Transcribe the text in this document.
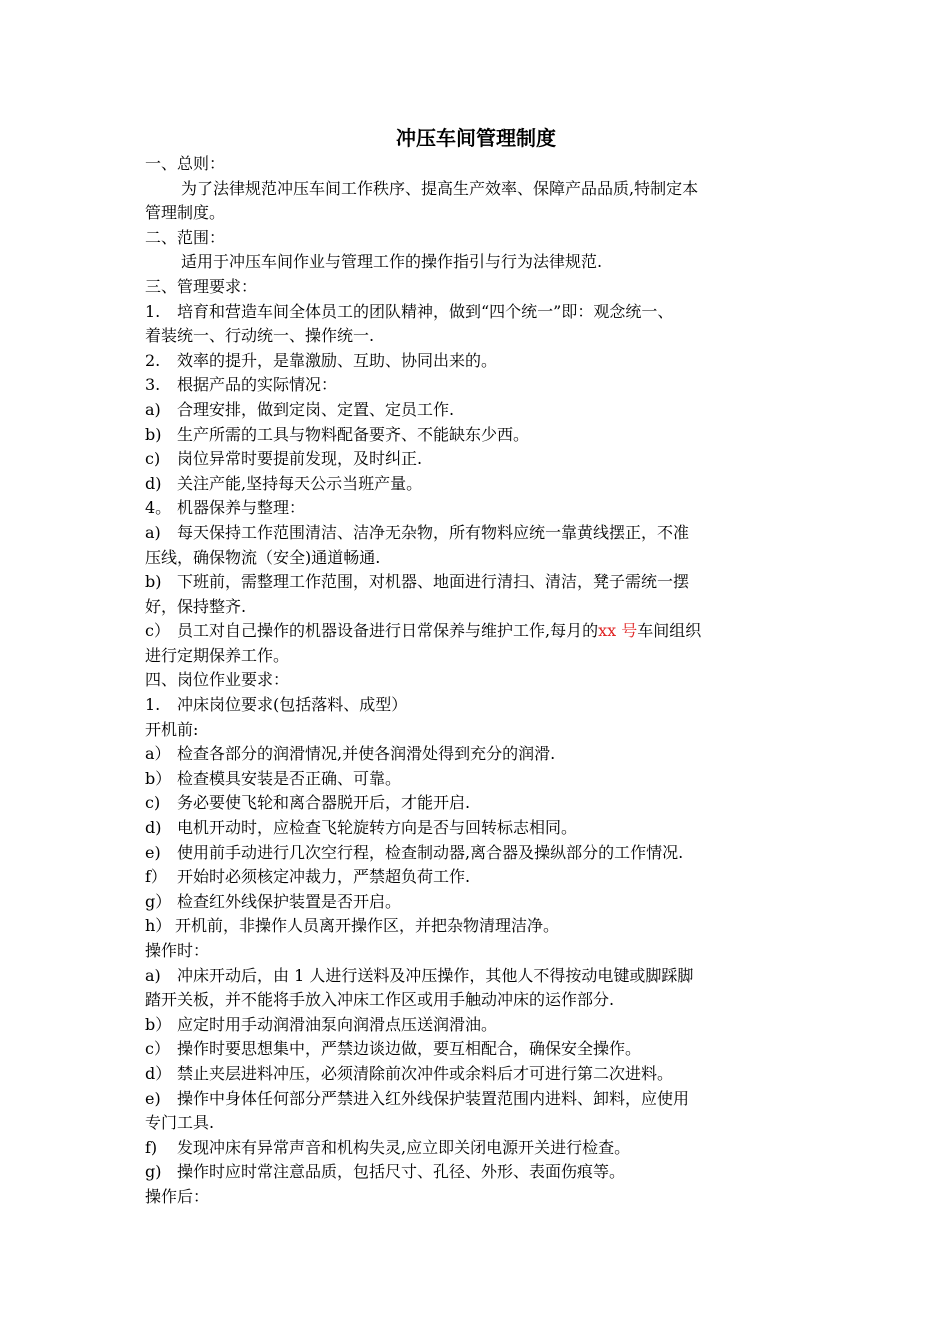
冲压车间管理制度

一、总则：

为了法律规范冲压车间工作秩序、提高生产效率、保障产品品质,特制定本

管理制度。

二、范围：

适用于冲压车间作业与管理工作的操作指引与行为法律规范.

三、管理要求：

1. 培育和营造车间全体员工的团队精神，做到“四个统一”即：观念统一、

着装统一、行动统一、操作统一.

2. 效率的提升，是靠激励、互助、协同出来的。

3. 根据产品的实际情况：

a) 合理安排，做到定岗、定置、定员工作.

b) 生产所需的工具与物料配备要齐、不能缺东少西。

c) 岗位异常时要提前发现，及时纠正.

d) 关注产能,坚持每天公示当班产量。

4。 机器保养与整理：

a) 每天保持工作范围清洁、洁净无杂物，所有物料应统一靠黄线摆正，不准

压线，确保物流（安全)通道畅通.

b) 下班前，需整理工作范围，对机器、地面进行清扫、清洁，凳子需统一摆

好，保持整齐.

c） 员工对自己操作的机器设备进行日常保养与维护工作,每月的xx 号车间组织

进行定期保养工作。

四、岗位作业要求：

1. 冲床岗位要求(包括落料、成型）

开机前:

a） 检查各部分的润滑情况,并使各润滑处得到充分的润滑.

b） 检查模具安装是否正确、可靠。

c) 务必要使飞轮和离合器脱开后，才能开启.

d) 电机开动时，应检查飞轮旋转方向是否与回转标志相同。

e) 使用前手动进行几次空行程，检查制动器,离合器及操纵部分的工作情况.

f） 开始时必须核定冲裁力，严禁超负荷工作.

g） 检查红外线保护装置是否开启。

h） 开机前，非操作人员离开操作区，并把杂物清理洁净。

操作时：

a) 冲床开动后，由 1 人进行送料及冲压操作，其他人不得按动电键或脚踩脚

踏开关板，并不能将手放入冲床工作区或用手触动冲床的运作部分.

b） 应定时用手动润滑油泵向润滑点压送润滑油。

c） 操作时要思想集中，严禁边谈边做，要互相配合，确保安全操作。

d） 禁止夹层进料冲压，必须清除前次冲件或余料后才可进行第二次进料。

e) 操作中身体任何部分严禁进入红外线保护装置范围内进料、卸料，应使用

专门工具.

f) 发现冲床有异常声音和机构失灵,应立即关闭电源开关进行检查。

g) 操作时应时常注意品质，包括尺寸、孔径、外形、表面伤痕等。

操作后：
